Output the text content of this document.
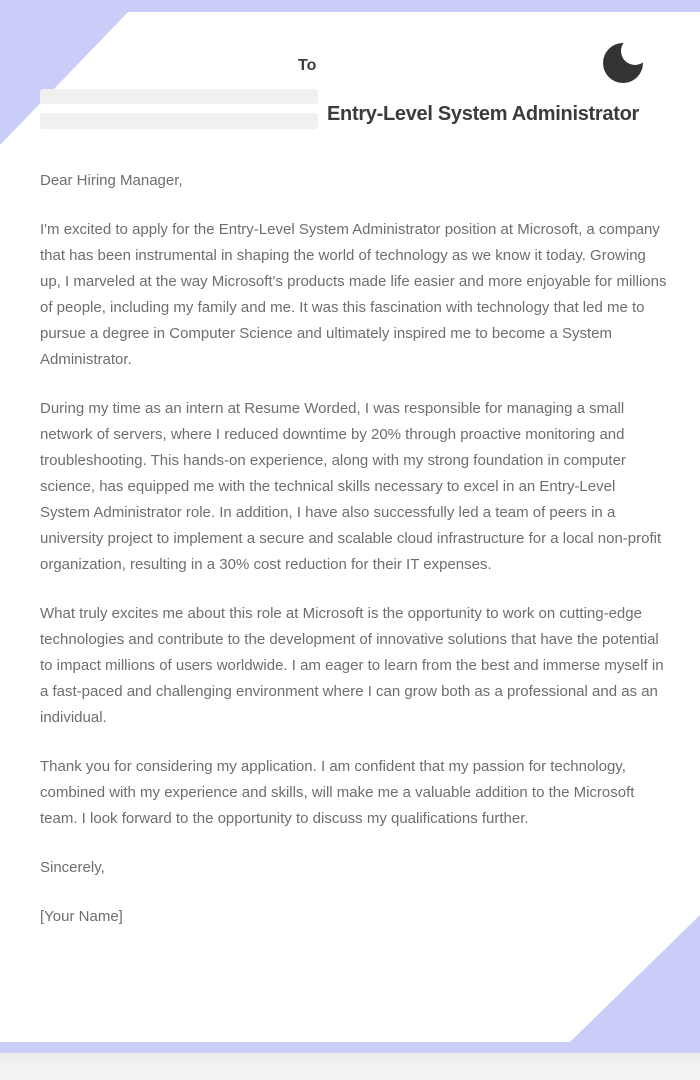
To
Entry-Level System Administrator

Dear Hiring Manager,

I'm excited to apply for the Entry-Level System Administrator position at Microsoft, a company that has been instrumental in shaping the world of technology as we know it today. Growing up, I marveled at the way Microsoft's products made life easier and more enjoyable for millions of people, including my family and me. It was this fascination with technology that led me to pursue a degree in Computer Science and ultimately inspired me to become a System Administrator.

During my time as an intern at Resume Worded, I was responsible for managing a small network of servers, where I reduced downtime by 20% through proactive monitoring and troubleshooting. This hands-on experience, along with my strong foundation in computer science, has equipped me with the technical skills necessary to excel in an Entry-Level System Administrator role. In addition, I have also successfully led a team of peers in a university project to implement a secure and scalable cloud infrastructure for a local non-profit organization, resulting in a 30% cost reduction for their IT expenses.

What truly excites me about this role at Microsoft is the opportunity to work on cutting-edge technologies and contribute to the development of innovative solutions that have the potential to impact millions of users worldwide. I am eager to learn from the best and immerse myself in a fast-paced and challenging environment where I can grow both as a professional and as an individual.

Thank you for considering my application. I am confident that my passion for technology, combined with my experience and skills, will make me a valuable addition to the Microsoft team. I look forward to the opportunity to discuss my qualifications further.

Sincerely,

[Your Name]
